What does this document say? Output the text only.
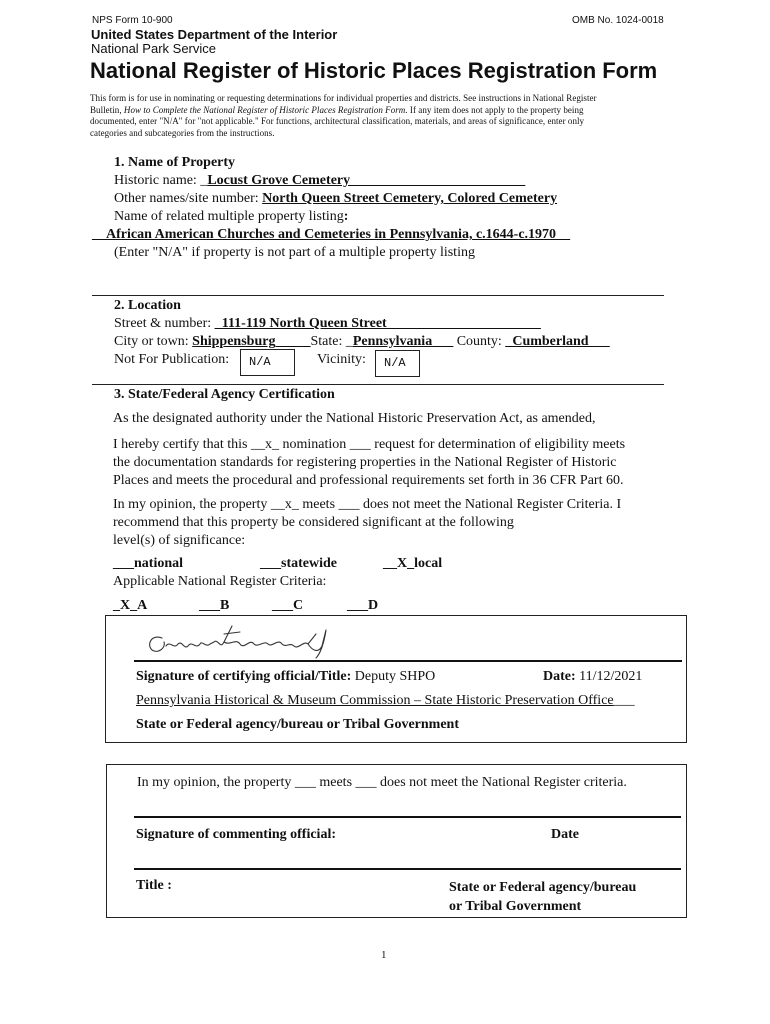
NPS Form 10-900	OMB No. 1024-0018
United States Department of the Interior
National Park Service
National Register of Historic Places Registration Form
This form is for use in nominating or requesting determinations for individual properties and districts. See instructions in National Register
Bulletin, How to Complete the National Register of Historic Places Registration Form. If any item does not apply to the property being
documented, enter "N/A" for "not applicable." For functions, architectural classification, materials, and areas of significance, enter only
categories and subcategories from the instructions.
1. Name of Property
Historic name: _Locust Grove Cemetery_________________________
Other names/site number: North Queen Street Cemetery, Colored Cemetery
Name of related multiple property listing:
__African American Churches and Cemeteries in Pennsylvania, c.1644-c.1970__
(Enter "N/A" if property is not part of a multiple property listing
2. Location
Street & number: _111-119 North Queen Street______________________
City or town: Shippensburg_____State: _Pennsylvania___ County: _Cumberland___
Not For Publication:	N/A	Vicinity:	N/A
3. State/Federal Agency Certification
As the designated authority under the National Historic Preservation Act, as amended,
I hereby certify that this __x_ nomination ___ request for determination of eligibility meets
the documentation standards for registering properties in the National Register of Historic
Places and meets the procedural and professional requirements set forth in 36 CFR Part 60.
In my opinion, the property __x_ meets ___ does not meet the National Register Criteria. I
recommend that this property be considered significant at the following
level(s) of significance:
___national	___statewide	__X_local
Applicable National Register Criteria:
_X_A	___B	___C	___D
Signature of certifying official/Title: Deputy SHPO	Date: 11/12/2021
Pennsylvania Historical & Museum Commission – State Historic Preservation Office___
State or Federal agency/bureau or Tribal Government
In my opinion, the property ___ meets ___ does not meet the National Register criteria.
Signature of commenting official:	Date
Title :	State or Federal agency/bureau
or Tribal Government
1
